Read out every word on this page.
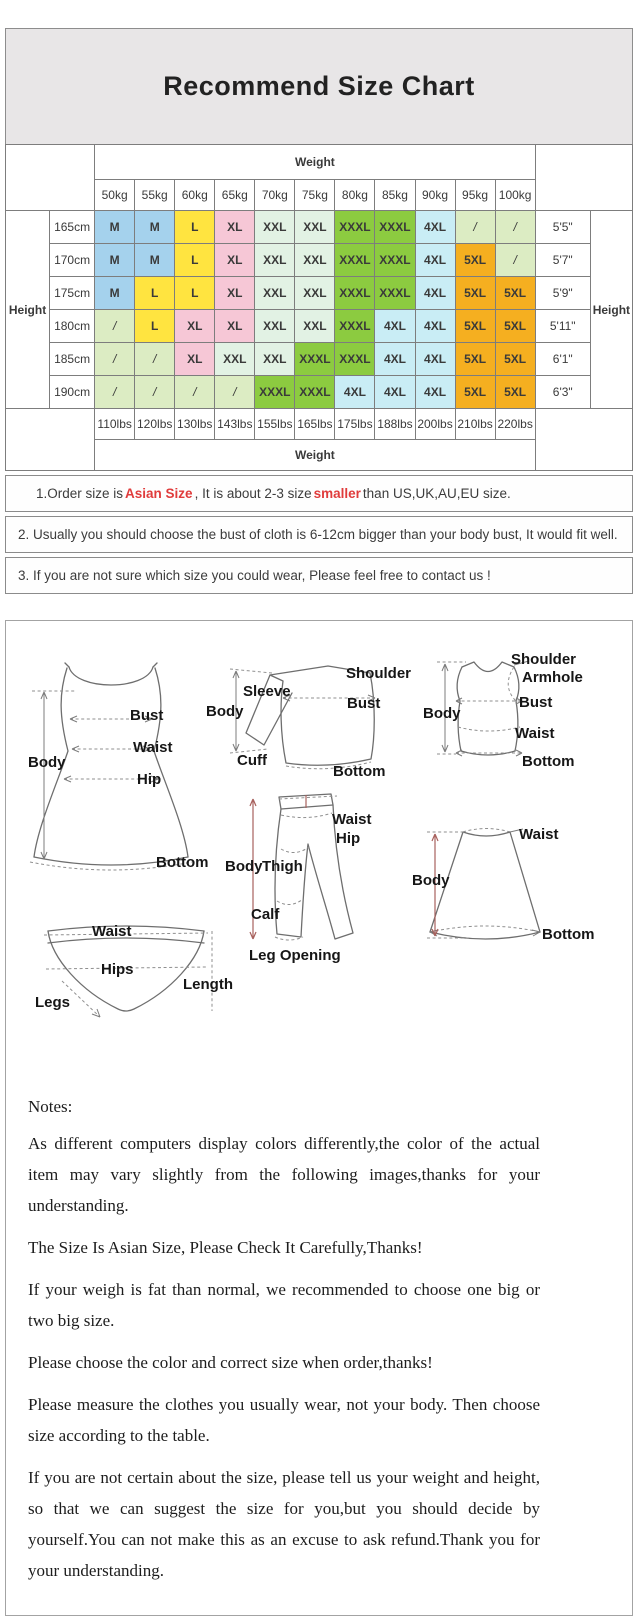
Recommend Size Chart
		Weight												
		50kg	55kg	60kg	65kg	70kg	75kg	80kg	85kg	90kg	95kg	100kg		
Height	165cm	M	M	L	XL	XXL	XXL	XXXL	XXXL	4XL	/	/	5'5"	Height
	170cm	M	M	L	XL	XXL	XXL	XXXL	XXXL	4XL	5XL	/	5'7"	
	175cm	M	L	L	XL	XXL	XXL	XXXL	XXXL	4XL	5XL	5XL	5'9"	
	180cm	/	L	XL	XL	XXL	XXL	XXXL	4XL	4XL	5XL	5XL	5'11"	
	185cm	/	/	XL	XXL	XXL	XXXL	XXXL	4XL	4XL	5XL	5XL	6'1"	
	190cm	/	/	/	/	XXXL	XXXL	4XL	4XL	4XL	5XL	5XL	6'3"	
		110lbs	120lbs	130lbs	143lbs	155lbs	165lbs	175lbs	188lbs	200lbs	210lbs	220lbs		
		Weight												
1.Order size is Asian Size , It is about 2-3 size smaller than US,UK,AU,EU size.
2. Usually you should choose the bust of cloth is 6-12cm bigger than your body bust, It would fit well.
3. If you are not sure which size you could wear, Please feel free to contact us !
Body
Bust
Waist
Hip
Bottom
Sleeve
Body
Cuff
Shoulder
Bust
Bottom
Shoulder
Armhole
Body
Bust
Waist
Bottom
Waist
Hip
Body Thigh
Calf
Leg Opening
Waist
Body
Bottom
Waist
Hips
Legs
Length

Notes:

As different computers display colors differently,the color of the actual item may vary slightly from the following images,thanks for your understanding.

The Size Is Asian Size, Please Check It Carefully,Thanks!

If your weigh is fat than normal, we recommended to choose one big or two big size.

Please choose the color and correct size when order,thanks!

Please measure the clothes you usually wear, not your body. Then choose size according to the table.

If you are not certain about the size, please tell us your weight and height, so that we can suggest the size for you,but you should decide by yourself.You can not make this as an excuse to ask refund.Thank you for your understanding.
